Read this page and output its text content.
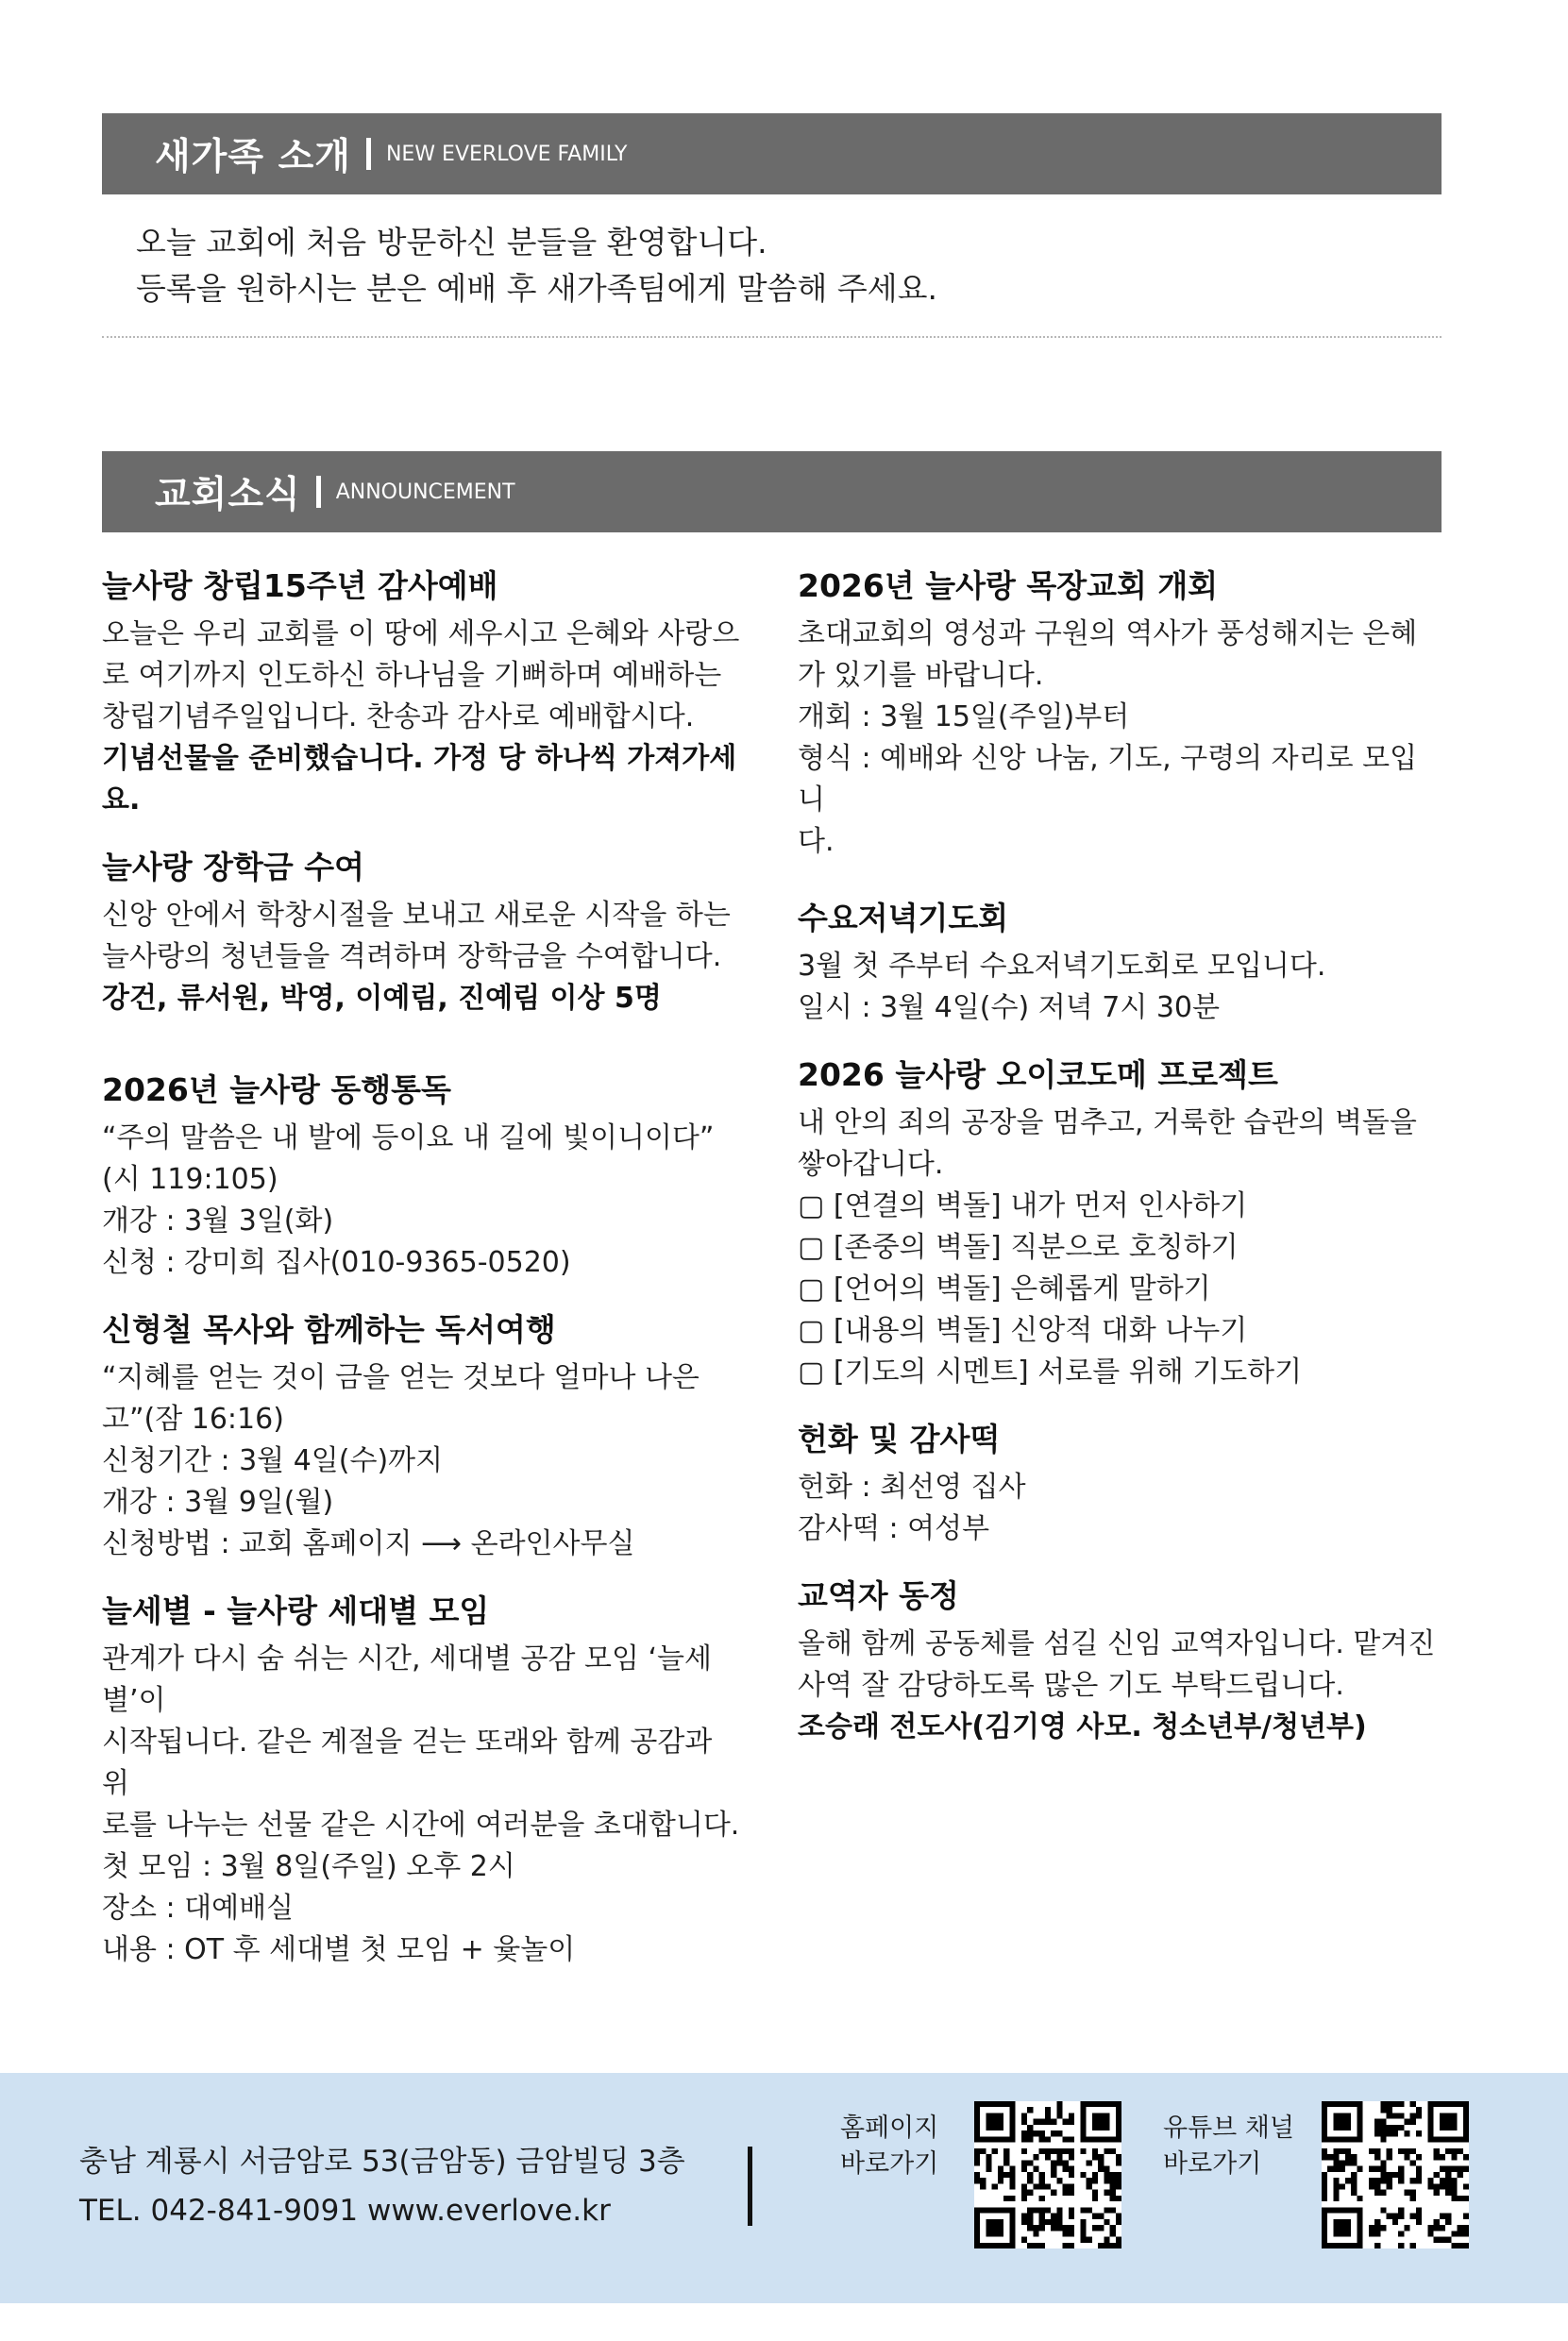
새가족 소개 NEW EVERLOVE FAMILY
오늘 교회에 처음 방문하신 분들을 환영합니다.
등록을 원하시는 분은 예배 후 새가족팀에게 말씀해 주세요.
교회소식 ANNOUNCEMENT
늘사랑 창립15주년 감사예배

오늘은 우리 교회를 이 땅에 세우시고 은혜와 사랑으

로 여기까지 인도하신 하나님을 기뻐하며 예배하는

창립기념주일입니다. 찬송과 감사로 예배합시다.

기념선물을 준비했습니다. 가정 당 하나씩 가져가세요.

늘사랑 장학금 수여

신앙 안에서 학창시절을 보내고 새로운 시작을 하는

늘사랑의 청년들을 격려하며 장학금을 수여합니다.

강건, 류서원, 박영, 이예림, 진예림 이상 5명

2026년 늘사랑 동행통독

“주의 말씀은 내 발에 등이요 내 길에 빛이니이다”

(시 119:105)

개강 : 3월 3일(화)

신청 : 강미희 집사(010-9365-0520)

신형철 목사와 함께하는 독서여행

“지혜를 얻는 것이 금을 얻는 것보다 얼마나 나은

고”(잠 16:16)

신청기간 : 3월 4일(수)까지

개강 : 3월 9일(월)

신청방법 : 교회 홈페이지 ⟶ 온라인사무실

늘세별 - 늘사랑 세대별 모임

관계가 다시 숨 쉬는 시간, 세대별 공감 모임 ‘늘세별’이

시작됩니다. 같은 계절을 걷는 또래와 함께 공감과 위

로를 나누는 선물 같은 시간에 여러분을 초대합니다.

첫 모임 : 3월 8일(주일) 오후 2시

장소 : 대예배실

내용 : OT 후 세대별 첫 모임 + 윷놀이

2026년 늘사랑 목장교회 개회

초대교회의 영성과 구원의 역사가 풍성해지는 은혜

가 있기를 바랍니다.

개회 : 3월 15일(주일)부터

형식 : 예배와 신앙 나눔, 기도, 구령의 자리로 모입니

다.

수요저녁기도회

3월 첫 주부터 수요저녁기도회로 모입니다.

일시 : 3월 4일(수) 저녁 7시 30분

2026 늘사랑 오이코도메 프로젝트

내 안의 죄의 공장을 멈추고, 거룩한 습관의 벽돌을

쌓아갑니다.

▢ [연결의 벽돌] 내가 먼저 인사하기

▢ [존중의 벽돌] 직분으로 호칭하기

▢ [언어의 벽돌] 은혜롭게 말하기

▢ [내용의 벽돌] 신앙적 대화 나누기

▢ [기도의 시멘트] 서로를 위해 기도하기

헌화 및 감사떡

헌화 : 최선영 집사

감사떡 : 여성부

교역자 동정

올해 함께 공동체를 섬길 신임 교역자입니다. 맡겨진

사역 잘 감당하도록 많은 기도 부탁드립니다.

조승래 전도사(김기영 사모. 청소년부/청년부)

충남 계룡시 서금암로 53(금암동) 금암빌딩 3층
TEL. 042-841-9091 www.everlove.kr
홈페이지
바로가기
유튜브 채널
바로가기
